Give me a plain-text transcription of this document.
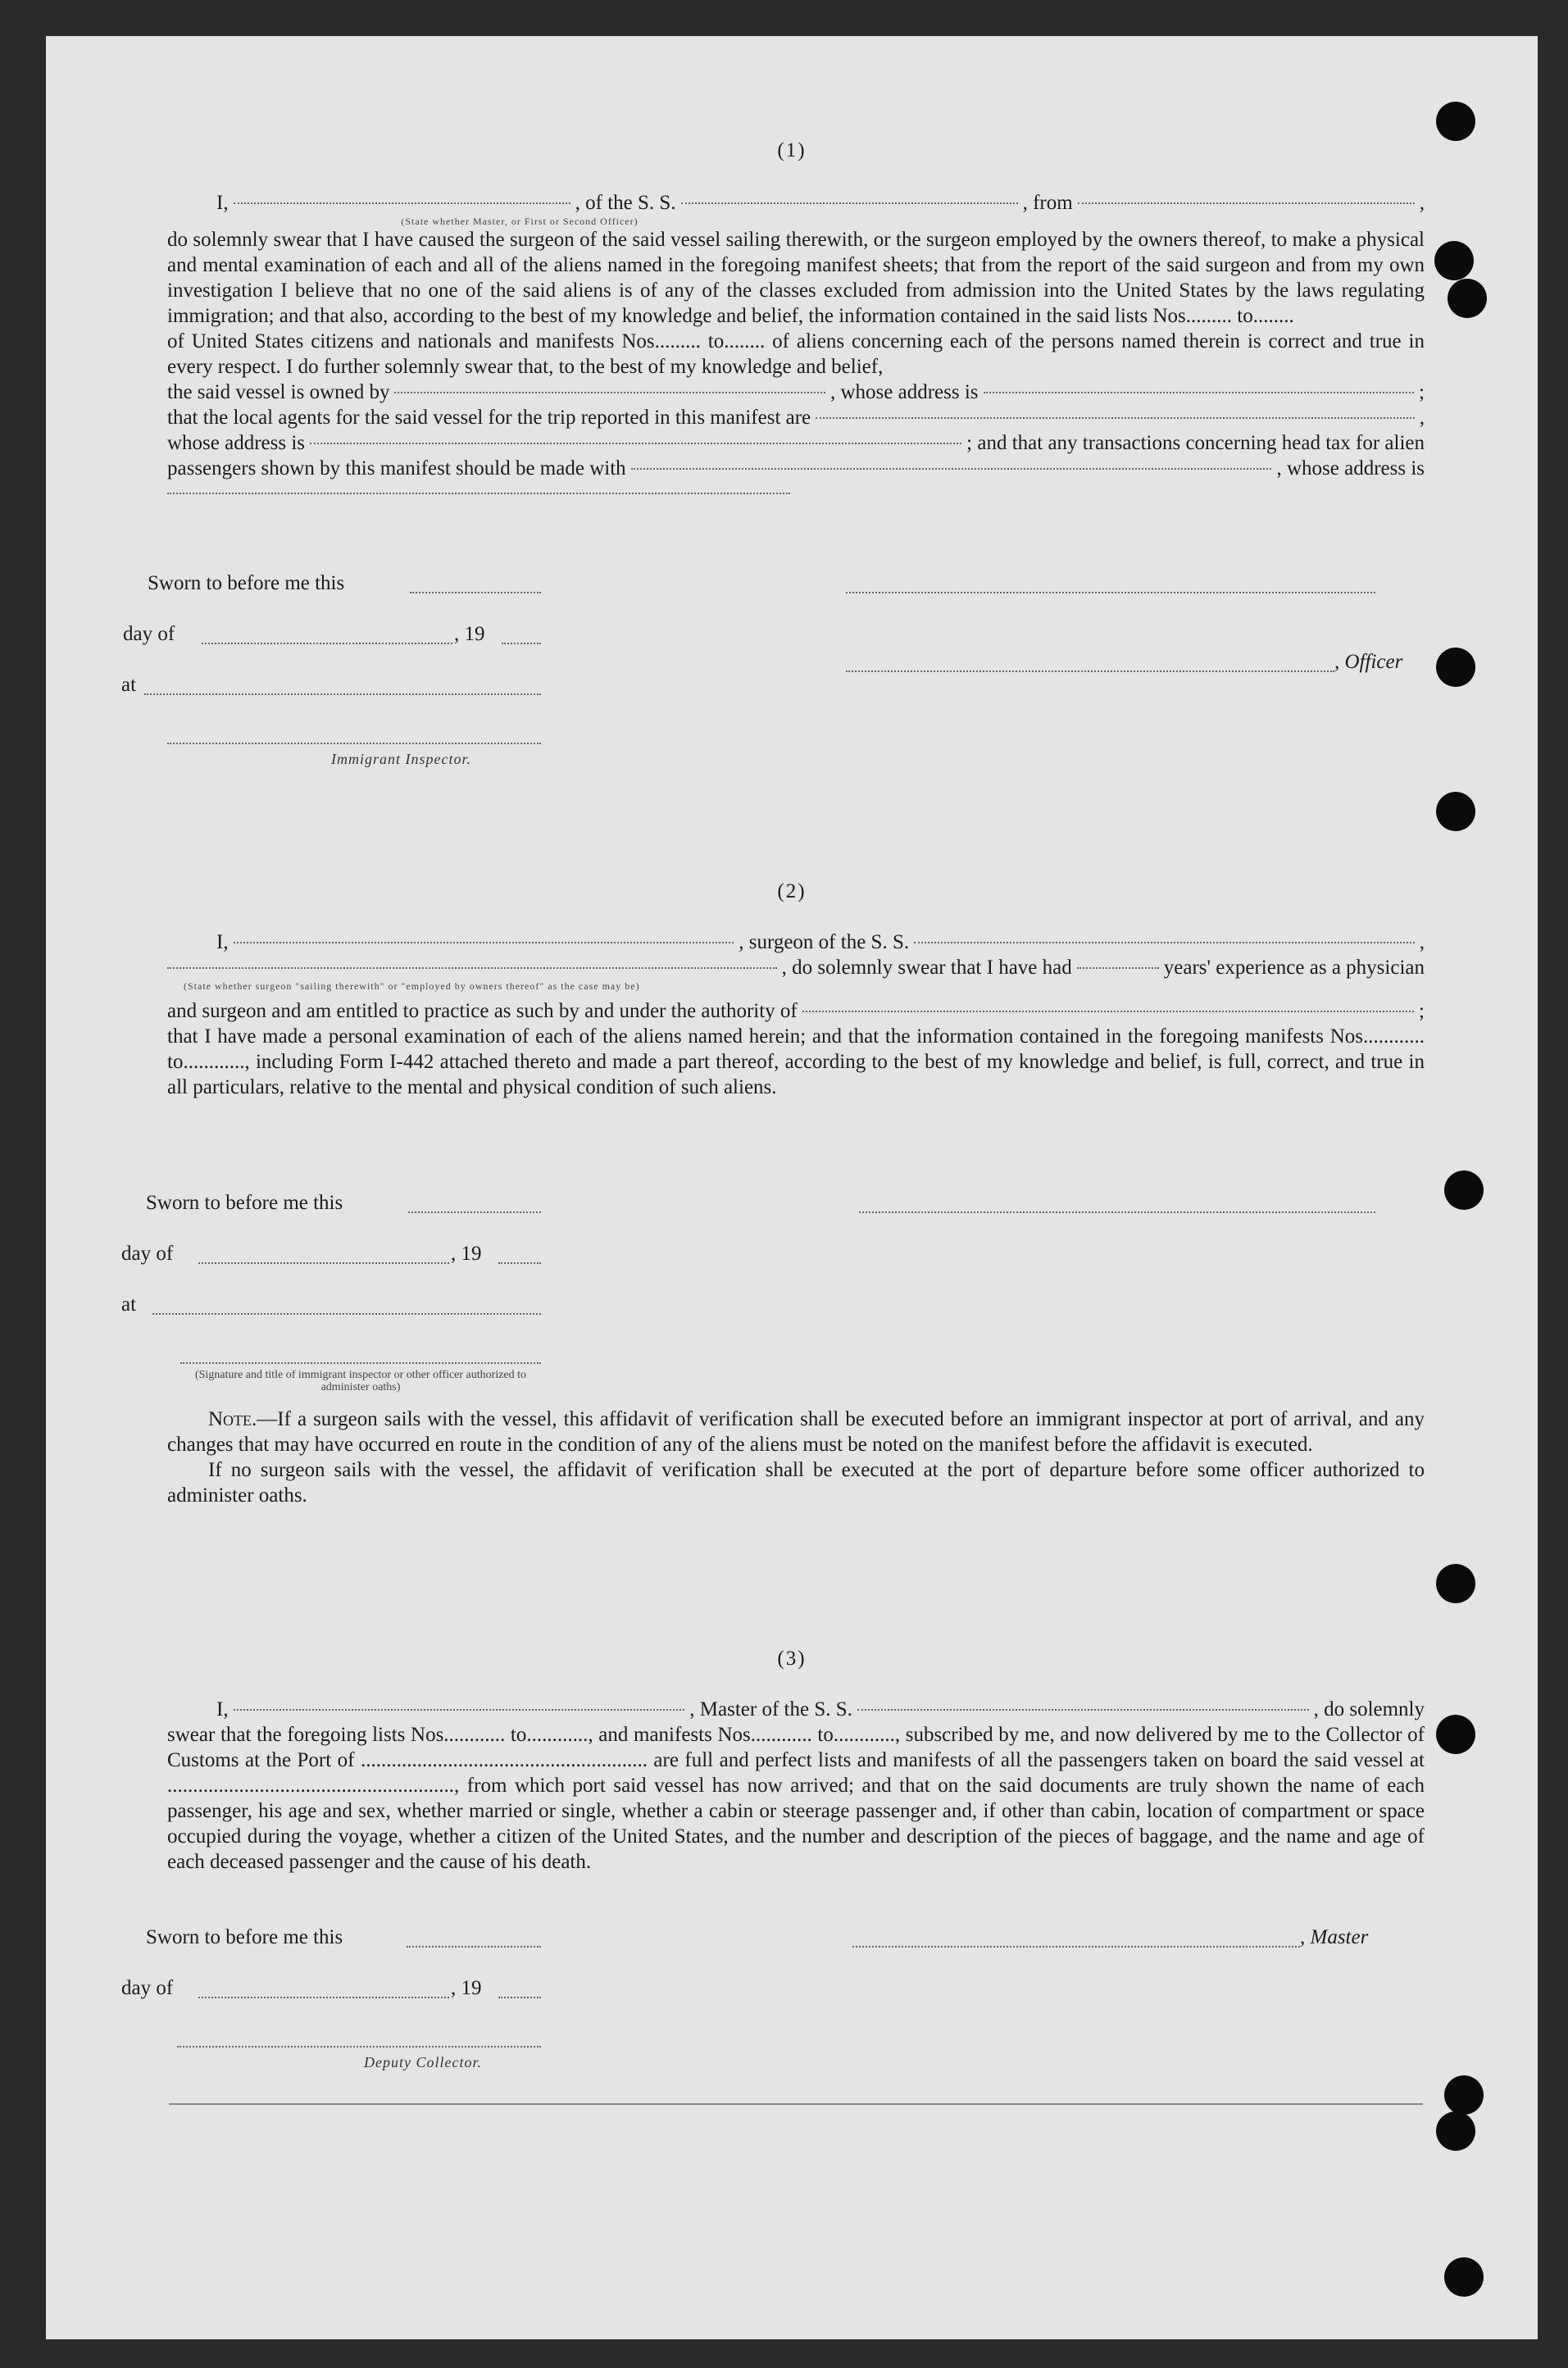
(1)
I,	, of the S. S.	, from	,
(State whether Master, or First or Second Officer)

do solemnly swear that I have caused the surgeon of the said vessel sailing therewith, or the surgeon employed by the owners thereof, to make a physical and mental examination of each and all of the aliens named in the foregoing manifest sheets; that from the report of the said surgeon and from my own investigation I believe that no one of the said aliens is of any of the classes excluded from admission into the United States by the laws regulating immigration; and that also, according to the best of my knowledge and belief, the information contained in the said lists Nos......... to........

of United States citizens and nationals and manifests Nos......... to........ of aliens concerning each of the persons named therein is correct and true in every respect. I do further solemnly swear that, to the best of my knowledge and belief,

the said vessel is owned by	, whose address is	;
that the local agents for the said vessel for the trip reported in this manifest are	,
whose address is	; and that any transactions concerning head tax for alien
passengers shown by this manifest should be made with	, whose address is
Sworn to before me this
day of	, 19
, Officer
at
Immigrant Inspector.
(2)
I,	, surgeon of the S. S.	,
, do solemnly swear that I have had	years' experience as a physician
(State whether surgeon "sailing therewith" or "employed by owners thereof" as the case may be)
and surgeon and am entitled to practice as such by and under the authority of	;

that I have made a personal examination of each of the aliens named herein; and that the information contained in the foregoing manifests Nos............ to............, including Form I-442 attached thereto and made a part thereof, according to the best of my knowledge and belief, is full, correct, and true in all particulars, relative to the mental and physical condition of such aliens.

Sworn to before me this
day of	, 19
at
(Signature and title of immigrant inspector or other officer authorized to administer oaths)

Note.—If a surgeon sails with the vessel, this affidavit of verification shall be executed before an immigrant inspector at port of arrival, and any changes that may have occurred en route in the condition of any of the aliens must be noted on the manifest before the affidavit is executed.

If no surgeon sails with the vessel, the affidavit of verification shall be executed at the port of departure before some officer authorized to administer oaths.

(3)
I,	, Master of the S. S.	, do solemnly

swear that the foregoing lists Nos............ to............, and manifests Nos............ to............, subscribed by me, and now delivered by me to the Collector of Customs at the Port of ........................................................ are full and perfect lists and manifests of all the passengers taken on board the said vessel at ........................................................, from which port said vessel has now arrived; and that on the said documents are truly shown the name of each passenger, his age and sex, whether married or single, whether a cabin or steerage passenger and, if other than cabin, location of compartment or space occupied during the voyage, whether a citizen of the United States, and the number and description of the pieces of baggage, and the name and age of each deceased passenger and the cause of his death.

Sworn to before me this	, Master
day of	, 19
Deputy Collector.
